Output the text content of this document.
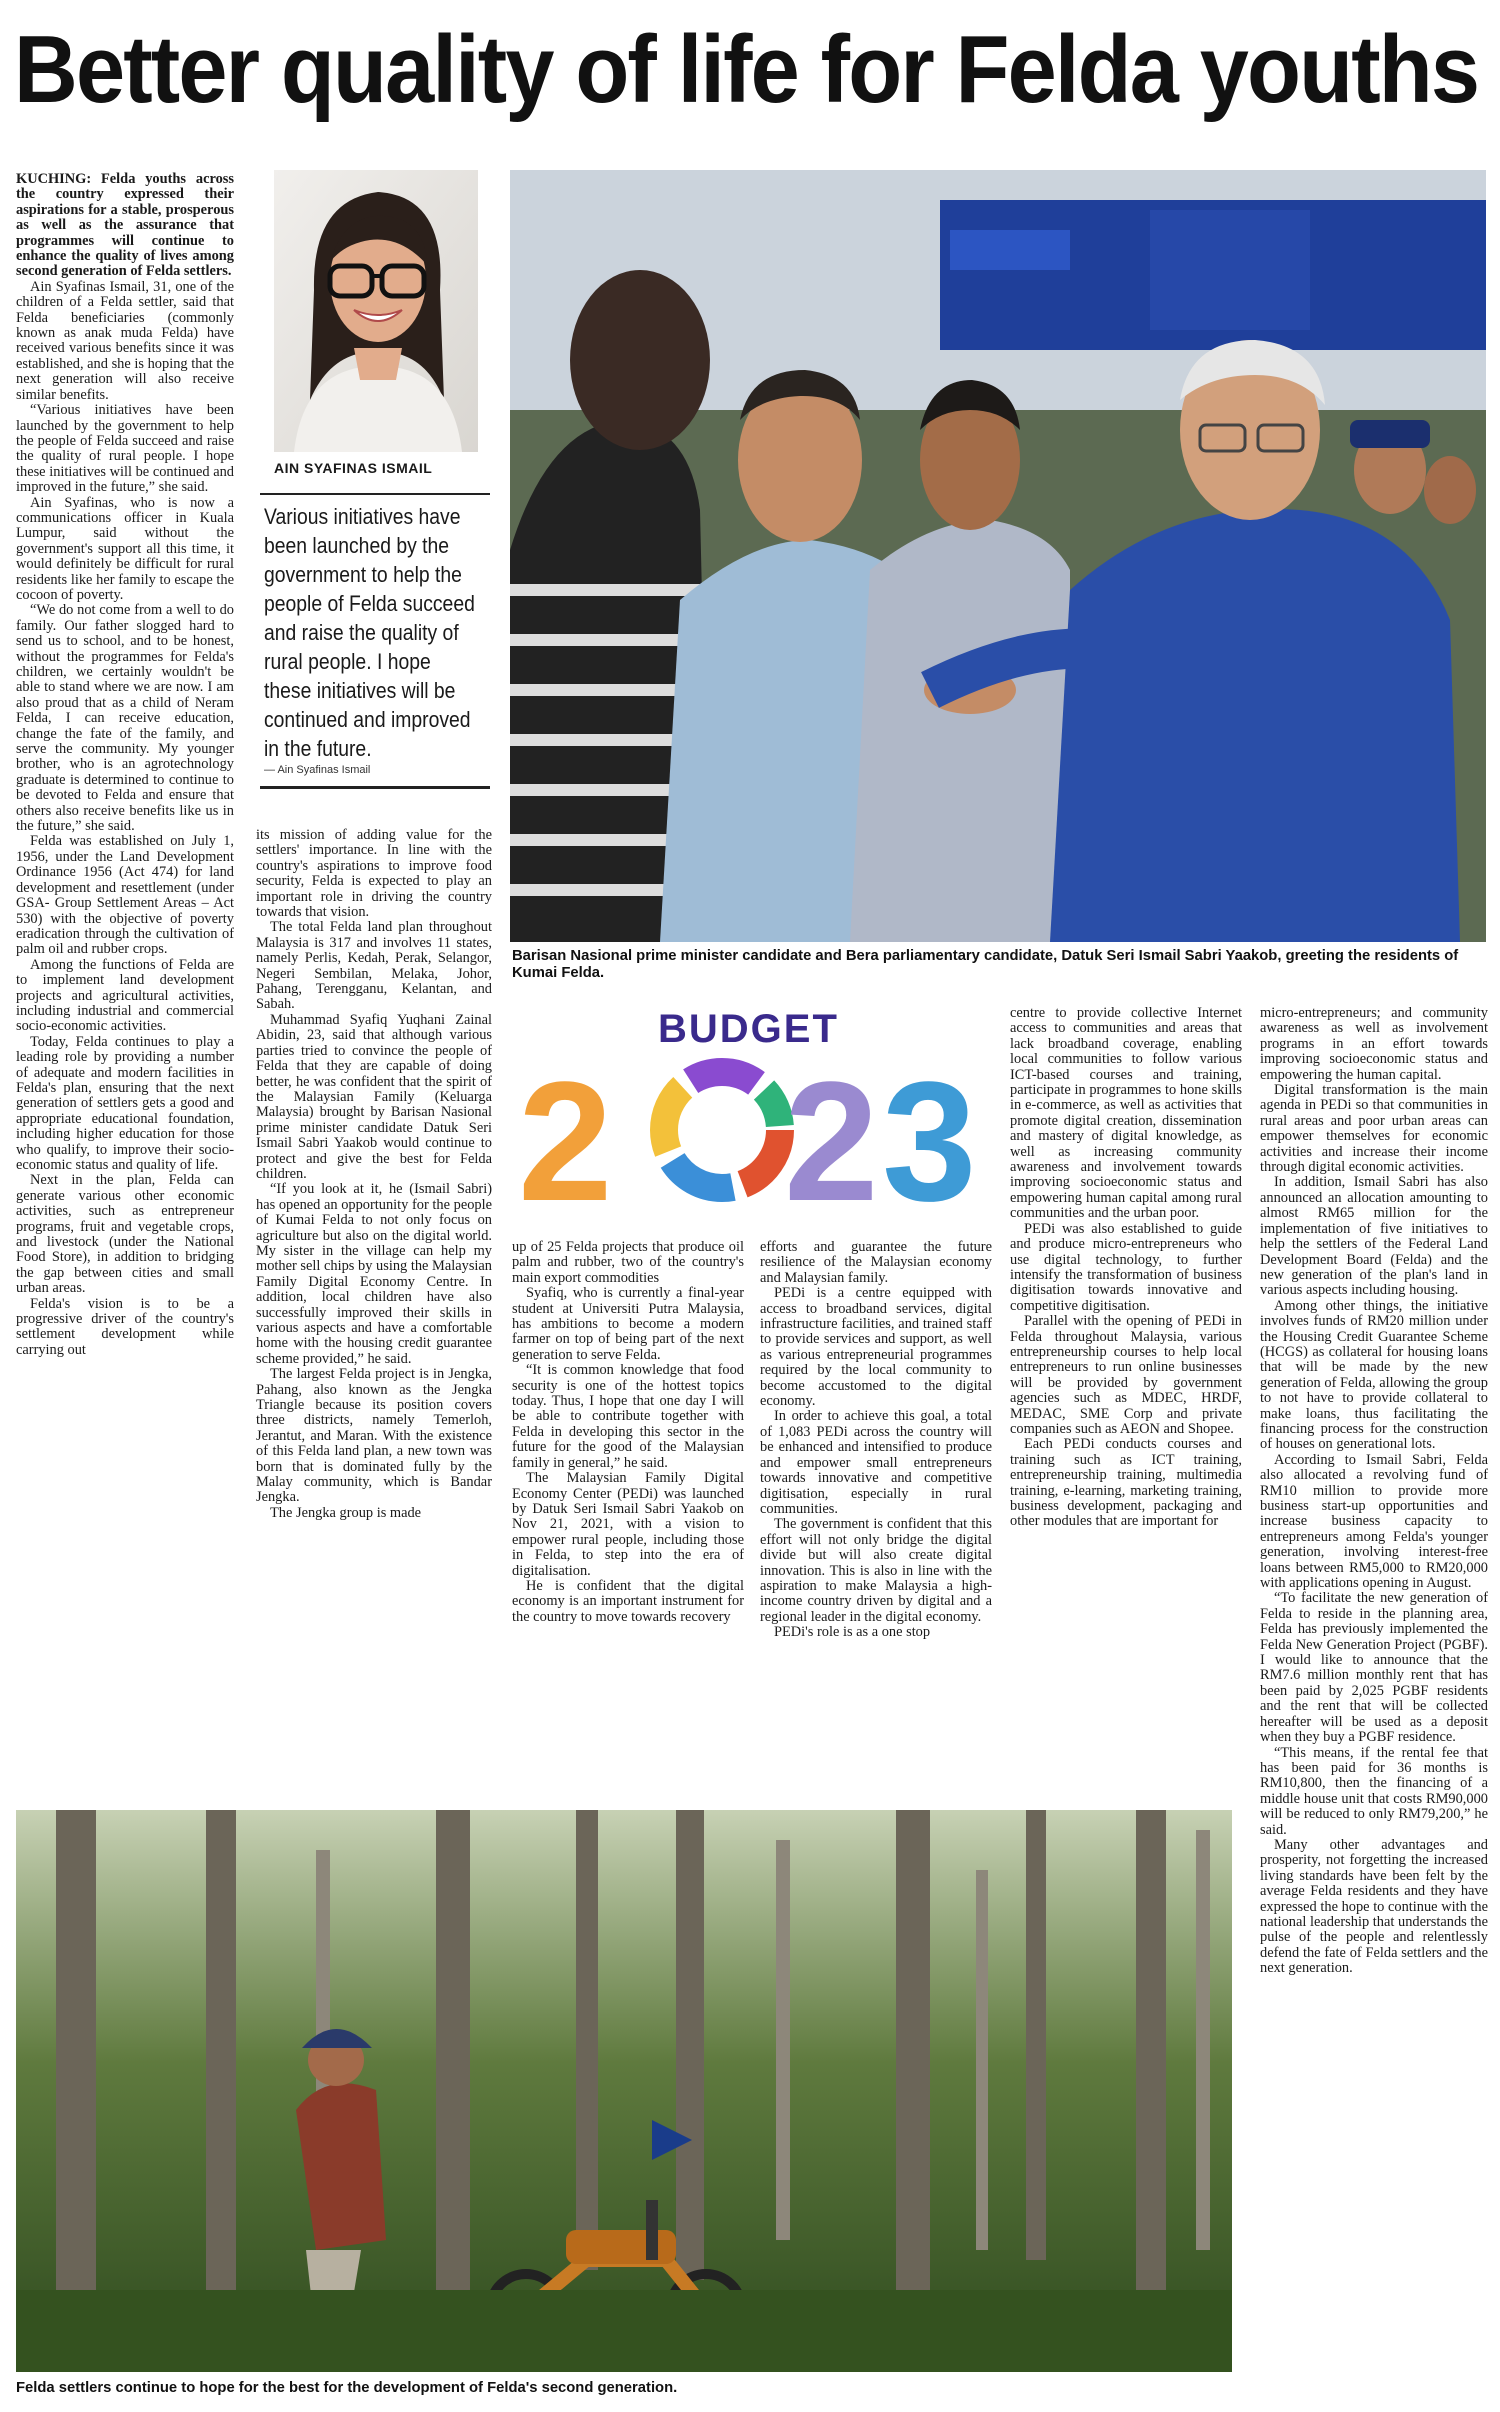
Better quality of life for Felda youths

KUCHING: Felda youths across the country expressed their aspirations for a stable, prosperous as well as the assurance that programmes will continue to enhance the quality of lives among second generation of Felda settlers.

Ain Syafinas Ismail, 31, one of the children of a Felda settler, said that Felda beneficiaries (commonly known as anak muda Felda) have received various benefits since it was established, and she is hoping that the next generation will also receive similar benefits.

“Various initiatives have been launched by the government to help the people of Felda succeed and raise the quality of rural people. I hope these initiatives will be continued and improved in the future,” she said.

Ain Syafinas, who is now a communications officer in Kuala Lumpur, said without the government's support all this time, it would definitely be difficult for rural residents like her family to escape the cocoon of poverty.

“We do not come from a well to do family. Our father slogged hard to send us to school, and to be honest, without the programmes for Felda's children, we certainly wouldn't be able to stand where we are now. I am also proud that as a child of Neram Felda, I can receive education, change the fate of the family, and serve the community. My younger brother, who is an agrotechnology graduate is determined to continue to be devoted to Felda and ensure that others also receive benefits like us in the future,” she said.

Felda was established on July 1, 1956, under the Land Development Ordinance 1956 (Act 474) for land development and resettlement (under GSA- Group Settlement Areas – Act 530) with the objective of poverty eradication through the cultivation of palm oil and rubber crops.

Among the functions of Felda are to implement land development projects and agricultural activities, including industrial and commercial socio-economic activities.

Today, Felda continues to play a leading role by providing a number of adequate and modern facilities in Felda's plan, ensuring that the next generation of settlers gets a good and appropriate educational foundation, including higher education for those who qualify, to improve their socio-economic status and quality of life.

Next in the plan, Felda can generate various other economic activities, such as entrepreneur programs, fruit and vegetable crops, and livestock (under the National Food Store), in addition to bridging the gap between cities and small urban areas.

Felda's vision is to be a progressive driver of the country's settlement development while carrying out

AIN SYAFINAS ISMAIL
Various initiatives have been launched by the government to help the people of Felda succeed and raise the quality of rural people. I hope these initiatives will be continued and improved in the future.
— Ain Syafinas Ismail
Barisan Nasional prime minister candidate and Bera parliamentary candidate, Datuk Seri Ismail Sabri Yaakob, greeting the residents of Kumai Felda.

its mission of adding value for the settlers' importance. In line with the country's aspirations to improve food security, Felda is expected to play an important role in driving the country towards that vision.

The total Felda land plan throughout Malaysia is 317 and involves 11 states, namely Perlis, Kedah, Perak, Selangor, Negeri Sembilan, Melaka, Johor, Pahang, Terengganu, Kelantan, and Sabah.

Muhammad Syafiq Yuqhani Zainal Abidin, 23, said that although various parties tried to convince the people of Felda that they are capable of doing better, he was confident that the spirit of the Malaysian Family (Keluarga Malaysia) brought by Barisan Nasional prime minister candidate Datuk Seri Ismail Sabri Yaakob would continue to protect and give the best for Felda children.

“If you look at it, he (Ismail Sabri) has opened an opportunity for the people of Kumai Felda to not only focus on agriculture but also on the digital world. My sister in the village can help my mother sell chips by using the Malaysian Family Digital Economy Centre. In addition, local children have also successfully improved their skills in various aspects and have a comfortable home with the housing credit guarantee scheme provided,” he said.

The largest Felda project is in Jengka, Pahang, also known as the Jengka Triangle because its position covers three districts, namely Temerloh, Jerantut, and Maran. With the existence of this Felda land plan, a new town was born that is dominated fully by the Malay community, which is Bandar Jengka.

The Jengka group is made

BUDGET
2 2 3
2023

up of 25 Felda projects that produce oil palm and rubber, two of the country's main export commodities

Syafiq, who is currently a final-year student at Universiti Putra Malaysia, has ambitions to become a modern farmer on top of being part of the next generation to serve Felda.

“It is common knowledge that food security is one of the hottest topics today. Thus, I hope that one day I will be able to contribute together with Felda in developing this sector in the future for the good of the Malaysian family in general,” he said.

The Malaysian Family Digital Economy Center (PEDi) was launched by Datuk Seri Ismail Sabri Yaakob on Nov 21, 2021, with a vision to empower rural people, including those in Felda, to step into the era of digitalisation.

He is confident that the digital economy is an important instrument for the country to move towards recovery

efforts and guarantee the future resilience of the Malaysian economy and Malaysian family.

PEDi is a centre equipped with access to broadband services, digital infrastructure facilities, and trained staff to provide services and support, as well as various entrepreneurial programmes required by the local community to become accustomed to the digital economy.

In order to achieve this goal, a total of 1,083 PEDi across the country will be enhanced and intensified to produce and empower small entrepreneurs towards innovative and competitive digitisation, especially in rural communities.

The government is confident that this effort will not only bridge the digital divide but will also create digital innovation. This is also in line with the aspiration to make Malaysia a high-income country driven by digital and a regional leader in the digital economy.

PEDi's role is as a one stop

centre to provide collective Internet access to communities and areas that lack broadband coverage, enabling local communities to follow various ICT-based courses and training, participate in programmes to hone skills in e-commerce, as well as activities that promote digital creation, dissemination and mastery of digital knowledge, as well as increasing community awareness and involvement towards improving socioeconomic status and empowering human capital among rural communities and the urban poor.

PEDi was also established to guide and produce micro-entrepreneurs who use digital technology, to further intensify the transformation of business digitisation towards innovative and competitive digitisation.

Parallel with the opening of PEDi in Felda throughout Malaysia, various entrepreneurship courses to help local entrepreneurs to run online businesses will be provided by government agencies such as MDEC, HRDF, MEDAC, SME Corp and private companies such as AEON and Shopee.

Each PEDi conducts courses and training such as ICT training, entrepreneurship training, multimedia training, e-learning, marketing training, business development, packaging and other modules that are important for

micro-entrepreneurs; and community awareness as well as involvement programs in an effort towards improving socioeconomic status and empowering the human capital.

Digital transformation is the main agenda in PEDi so that communities in rural areas and poor urban areas can empower themselves for economic activities and increase their income through digital economic activities.

In addition, Ismail Sabri has also announced an allocation amounting to almost RM65 million for the implementation of five initiatives to help the settlers of the Federal Land Development Board (Felda) and the new generation of the plan's land in various aspects including housing.

Among other things, the initiative involves funds of RM20 million under the Housing Credit Guarantee Scheme (HCGS) as collateral for housing loans that will be made by the new generation of Felda, allowing the group to not have to provide collateral to make loans, thus facilitating the financing process for the construction of houses on generational lots.

According to Ismail Sabri, Felda also allocated a revolving fund of RM10 million to provide more business start-up opportunities and increase business capacity to entrepreneurs among Felda's younger generation, involving interest-free loans between RM5,000 to RM20,000 with applications opening in August.

“To facilitate the new generation of Felda to reside in the planning area, Felda has previously implemented the Felda New Generation Project (PGBF). I would like to announce that the RM7.6 million monthly rent that has been paid by 2,025 PGBF residents and the rent that will be collected hereafter will be used as a deposit when they buy a PGBF residence.

“This means, if the rental fee that has been paid for 36 months is RM10,800, then the financing of a middle house unit that costs RM90,000 will be reduced to only RM79,200,” he said.

Many other advantages and prosperity, not forgetting the increased living standards have been felt by the average Felda residents and they have expressed the hope to continue with the national leadership that understands the pulse of the people and relentlessly defend the fate of Felda settlers and the next generation.

Felda settlers continue to hope for the best for the development of Felda's second generation.
